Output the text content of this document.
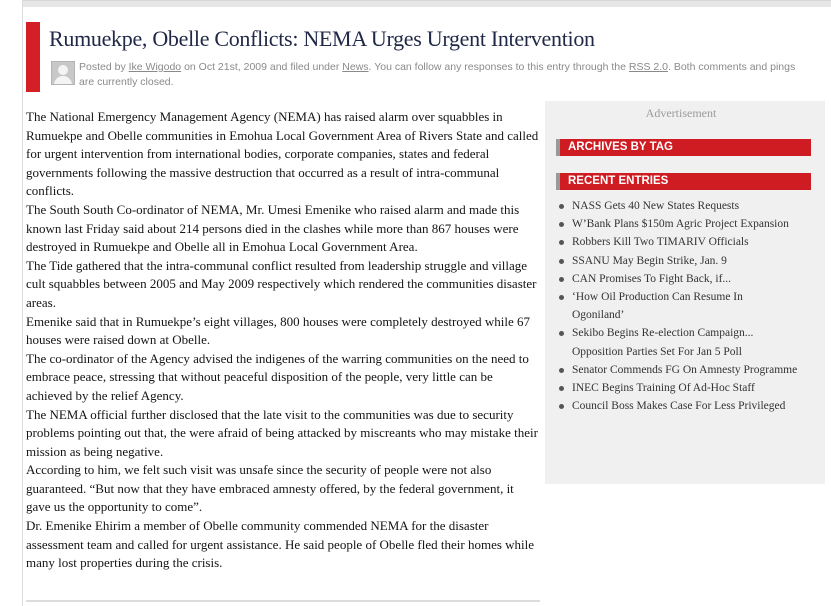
Rumuekpe, Obelle Conflicts: NEMA Urges Urgent Intervention
Posted by Ike Wigodo on Oct 21st, 2009 and filed under News. You can follow any responses to this entry through the RSS 2.0. Both comments and pings are currently closed.

The National Emergency Management Agency (NEMA) has raised alarm over squabbles in Rumuekpe and Obelle communities in Emohua Local Government Area of Rivers State and called for urgent intervention from international bodies, corporate companies, states and federal governments following the massive destruction that occurred as a result of intra-communal conflicts.

The South South Co-ordinator of NEMA, Mr. Umesi Emenike who raised alarm and made this known last Friday said about 214 persons died in the clashes while more than 867 houses were destroyed in Rumuekpe and Obelle all in Emohua Local Government Area.

The Tide gathered that the intra-communal conflict resulted from leadership struggle and village cult squabbles between 2005 and May 2009 respectively which rendered the communities disaster areas.

Emenike said that in Rumuekpe’s eight villages, 800 houses were completely destroyed while 67 houses were raised down at Obelle.

The co-ordinator of the Agency advised the indigenes of the warring communities on the need to embrace peace, stressing that without peaceful disposition of the people, very little can be achieved by the relief Agency.

The NEMA official further disclosed that the late visit to the communities was due to security problems pointing out that, the were afraid of being attacked by miscreants who may mistake their mission as being negative.

According to him, we felt such visit was unsafe since the security of people were not also guaranteed. “But now that they have embraced amnesty offered, by the federal government, it gave us the opportunity to come”.

Dr. Emenike Ehirim a member of Obelle community commended NEMA for the disaster assessment team and called for urgent assistance. He said people of Obelle fled their homes while many lost properties during the crisis.

Advertisement
ARCHIVES BY TAG
RECENT ENTRIES
NASS Gets 40 New States Requests
W’Bank Plans $150m Agric Project Expansion
Robbers Kill Two TIMARIV Officials
SSANU May Begin Strike, Jan. 9
CAN Promises To Fight Back, if...
‘How Oil Production Can Resume In Ogoniland’
Sekibo Begins Re-election Campaign... Opposition Parties Set For Jan 5 Poll
Senator Commends FG On Amnesty Programme
INEC Begins Training Of Ad-Hoc Staff
Council Boss Makes Case For Less Privileged
